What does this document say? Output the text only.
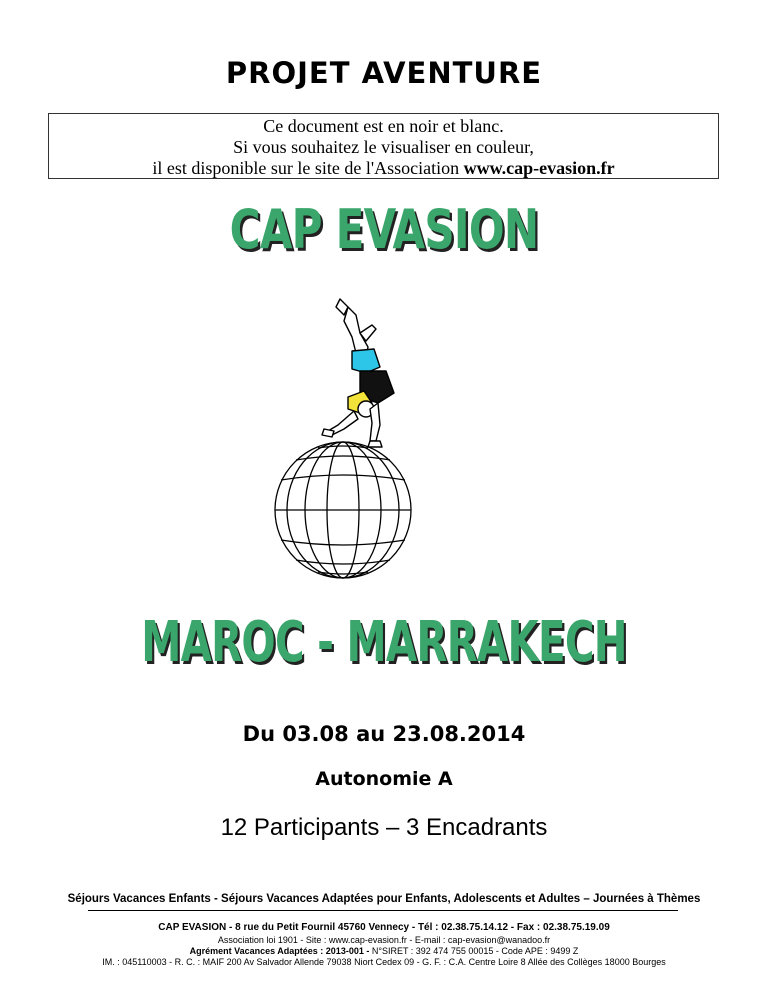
PROJET AVENTURE
Ce document est en noir et blanc.
Si vous souhaitez le visualiser en couleur,
il est disponible sur le site de l'Association www.cap-evasion.fr
CAP EVASION
MAROC - MARRAKECH
Du 03.08 au 23.08.2014
Autonomie A
12 Participants – 3 Encadrants
Séjours Vacances Enfants - Séjours Vacances Adaptées pour Enfants, Adolescents et Adultes – Journées à Thèmes
CAP EVASION - 8 rue du Petit Fournil 45760 Vennecy - Tél : 02.38.75.14.12 - Fax : 02.38.75.19.09
Association loi 1901 - Site : www.cap-evasion.fr - E-mail : cap-evasion@wanadoo.fr
Agrément Vacances Adaptées : 2013-001 - N°SIRET : 392 474 755 00015 - Code APE : 9499 Z
IM. : 045110003 - R. C. : MAIF 200 Av Salvador Allende 79038 Niort Cedex 09 - G. F. : C.A. Centre Loire 8 Allée des Collèges 18000 Bourges
